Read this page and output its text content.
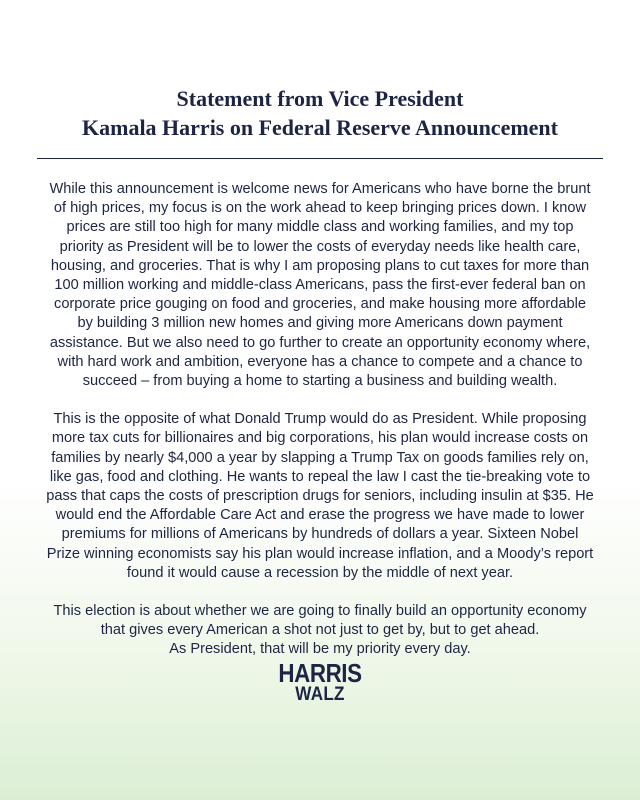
Statement from Vice President
Kamala Harris on Federal Reserve Announcement

While this announcement is welcome news for Americans who have borne the brunt
of high prices, my focus is on the work ahead to keep bringing prices down. I know
prices are still too high for many middle class and working families, and my top
priority as President will be to lower the costs of everyday needs like health care,
housing, and groceries. That is why I am proposing plans to cut taxes for more than
100 million working and middle-class Americans, pass the first-ever federal ban on
corporate price gouging on food and groceries, and make housing more affordable
by building 3 million new homes and giving more Americans down payment
assistance. But we also need to go further to create an opportunity economy where,
with hard work and ambition, everyone has a chance to compete and a chance to
succeed – from buying a home to starting a business and building wealth.

This is the opposite of what Donald Trump would do as President. While proposing
more tax cuts for billionaires and big corporations, his plan would increase costs on
families by nearly $4,000 a year by slapping a Trump Tax on goods families rely on,
like gas, food and clothing. He wants to repeal the law I cast the tie-breaking vote to
pass that caps the costs of prescription drugs for seniors, including insulin at $35. He
would end the Affordable Care Act and erase the progress we have made to lower
premiums for millions of Americans by hundreds of dollars a year. Sixteen Nobel
Prize winning economists say his plan would increase inflation, and a Moody’s report
found it would cause a recession by the middle of next year.

This election is about whether we are going to finally build an opportunity economy
that gives every American a shot not just to get by, but to get ahead.
As President, that will be my priority every day.

HARRIS
WALZ
